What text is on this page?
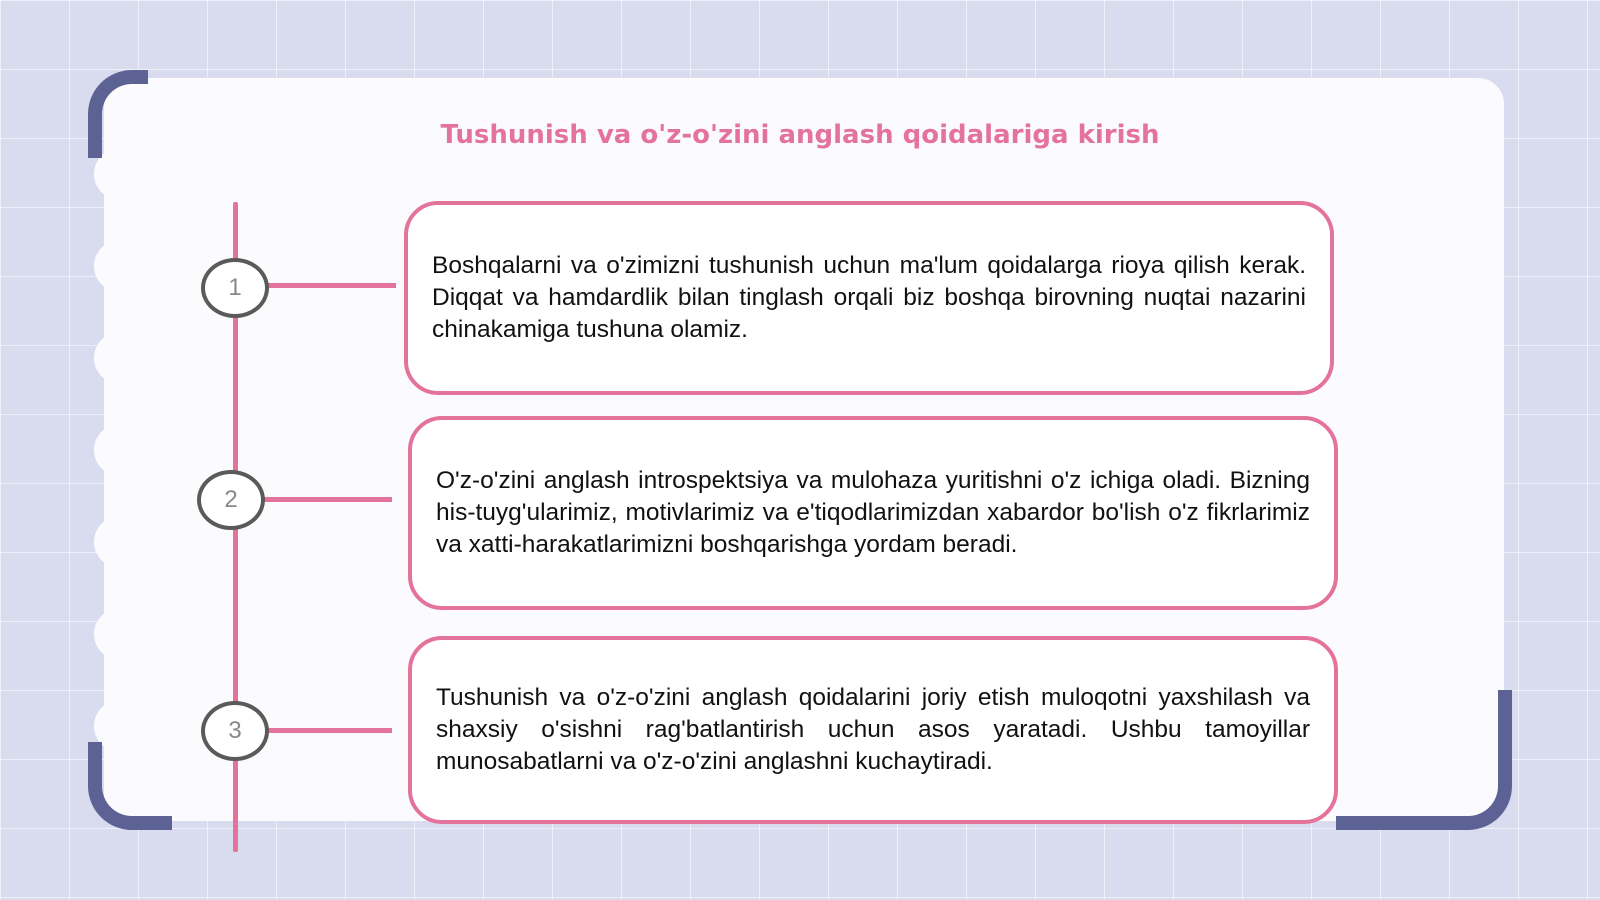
Tushunish va o'z-o'zini anglash qoidalariga kirish
1
2
3
Boshqalarni va o'zimizni tushunish uchun ma'lum qoidalarga rioya qilish kerak. Diqqat va hamdardlik bilan tinglash orqali biz boshqa birovning nuqtai nazarini chinakamiga tushuna olamiz.
O'z-o'zini anglash introspektsiya va mulohaza yuritishni o'z ichiga oladi. Bizning his-tuyg'ularimiz, motivlarimiz va e'tiqodlarimizdan xabardor bo'lish o'z fikrlarimiz va xatti-harakatlarimizni boshqarishga yordam beradi.
Tushunish va o'z-o'zini anglash qoidalarini joriy etish muloqotni yaxshilash va shaxsiy o'sishni rag'batlantirish uchun asos yaratadi. Ushbu tamoyillar munosabatlarni va o'z-o'zini anglashni kuchaytiradi.
